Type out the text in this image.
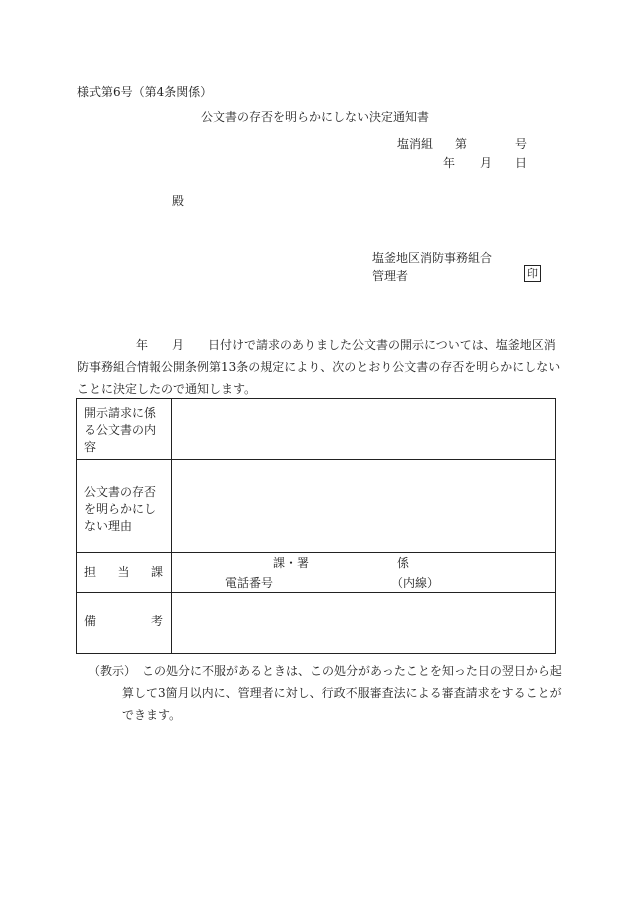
様式第6号（第4条関係）
公文書の存否を明らかにしない決定通知書
塩消組 第	号
年 月 日
殿
塩釜地区消防事務組合
管理者	印
年　　月　　日付けで請求のありました公文書の開示については、塩釜地区消
防事務組合情報公開条例第13条の規定により、次のとおり公文書の存否を明らかにしない
ことに決定したので通知します。
開示請求に係
る公文書の内
容	

公文書の存否
を明らかにし
ない理由	

担 当 課	課・署 係
電話番号 （内線）

備 考	

（教示） この処分に不服があるときは、この処分があったことを知った日の翌日から起
算して3箇月以内に、管理者に対し、行政不服審査法による審査請求をすることが
できます。
